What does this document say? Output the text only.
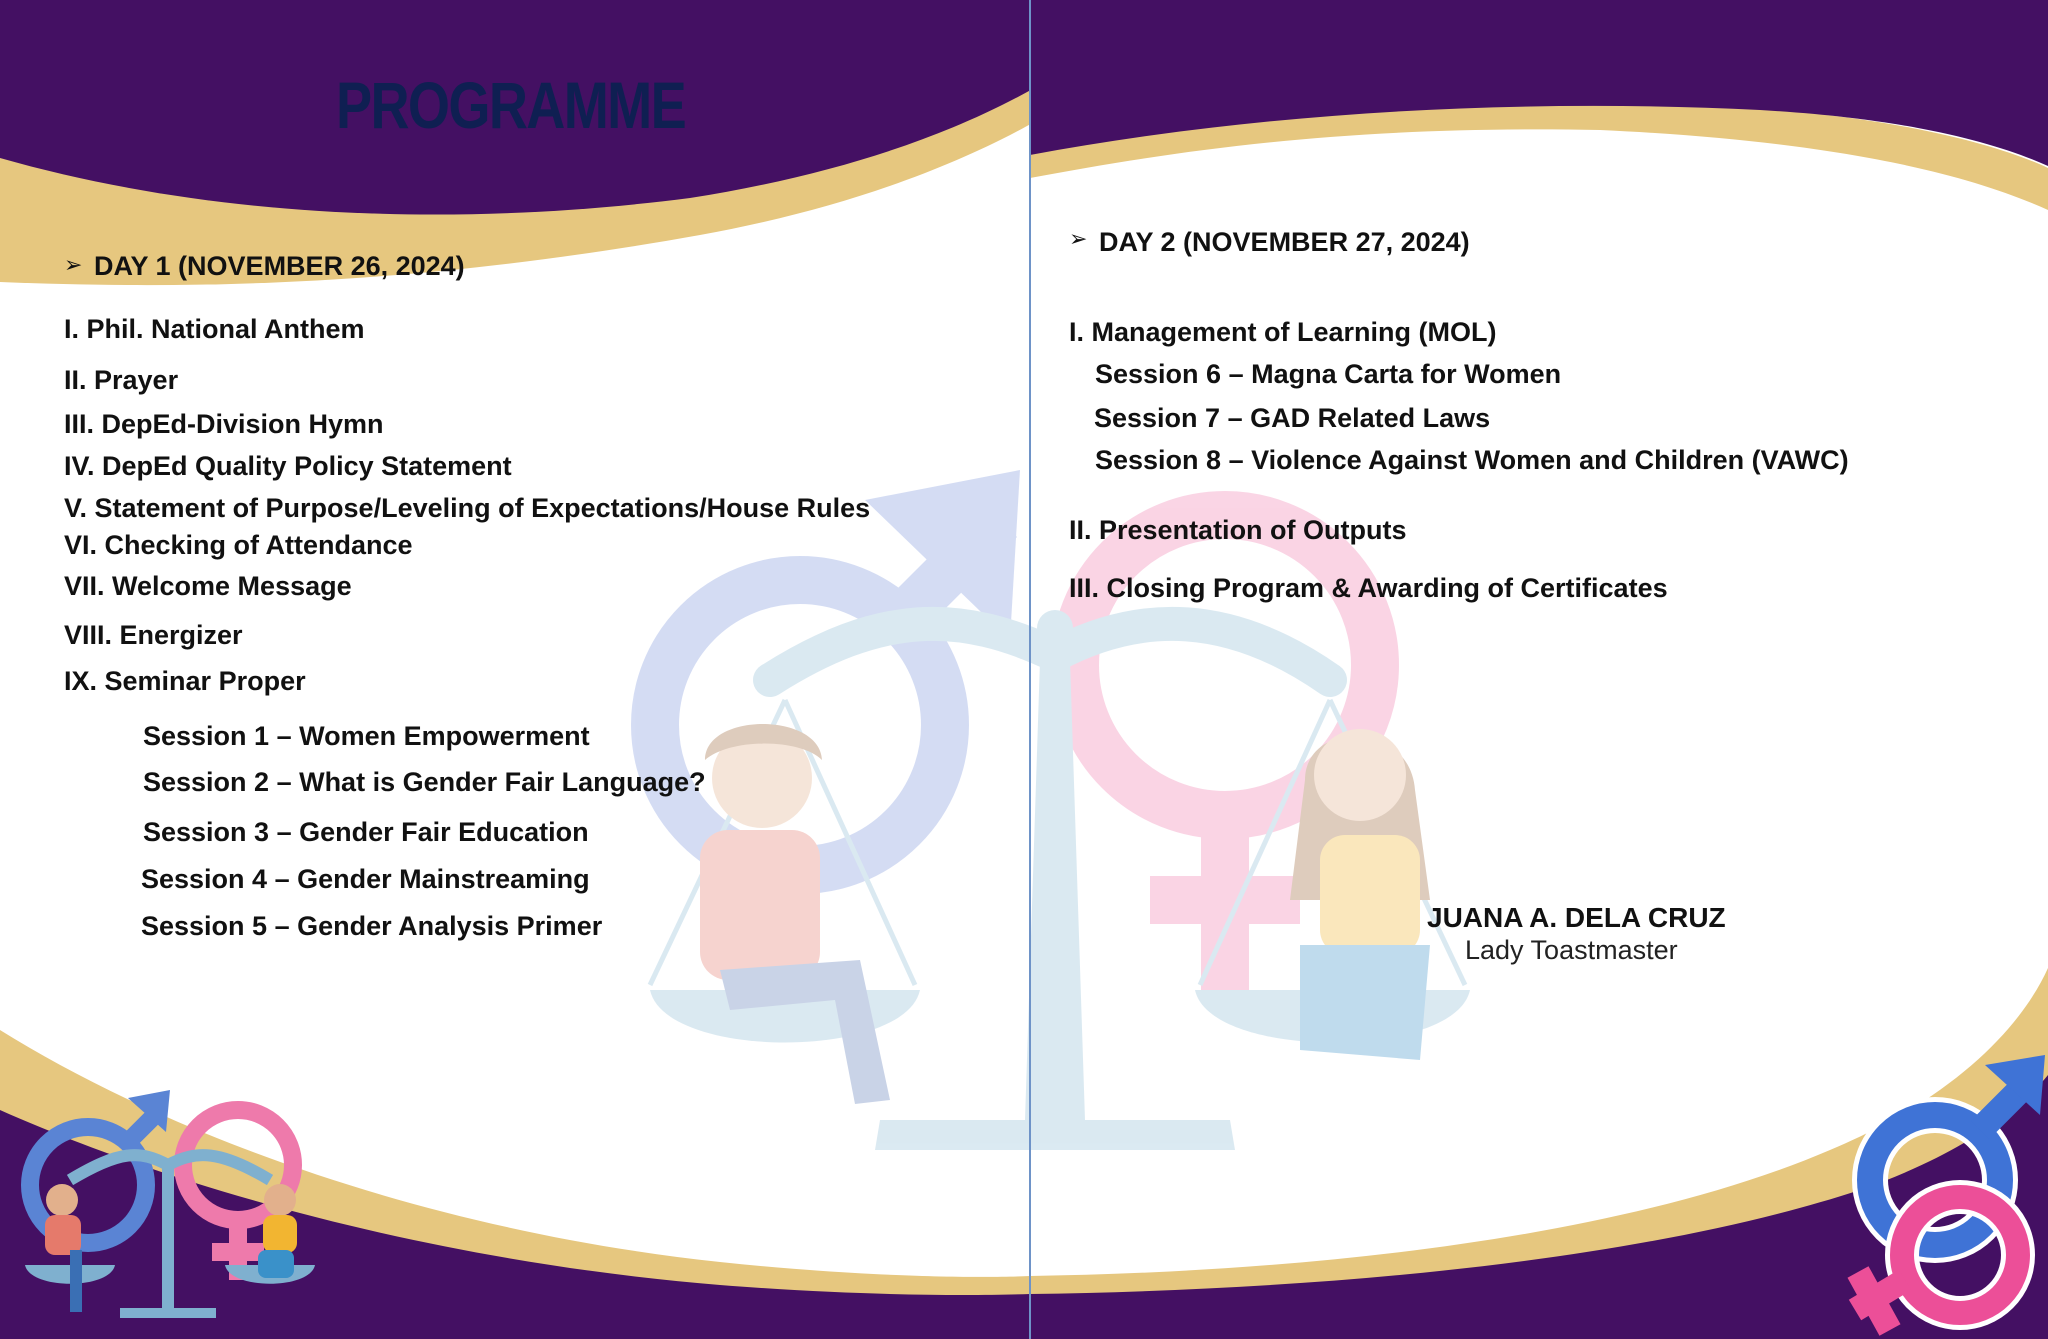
PROGRAMME
➢ DAY 1 (NOVEMBER 26, 2024)

I. Phil. National Anthem

II. Prayer

III. DepEd-Division Hymn

IV. DepEd Quality Policy Statement

V. Statement of Purpose/Leveling of Expectations/House Rules

VI. Checking of Attendance

VII. Welcome Message

VIII. Energizer

IX. Seminar Proper

Session 1 – Women Empowerment

Session 2 – What is Gender Fair Language?

Session 3 – Gender Fair Education

Session 4 – Gender Mainstreaming

Session 5 – Gender Analysis Primer

➢ DAY 2 (NOVEMBER 27, 2024)

I. Management of Learning (MOL)

Session 6 – Magna Carta for Women

Session 7 – GAD Related Laws

Session 8 – Violence Against Women and Children (VAWC)

II. Presentation of Outputs

III. Closing Program & Awarding of Certificates

JUANA A. DELA CRUZ

Lady Toastmaster
